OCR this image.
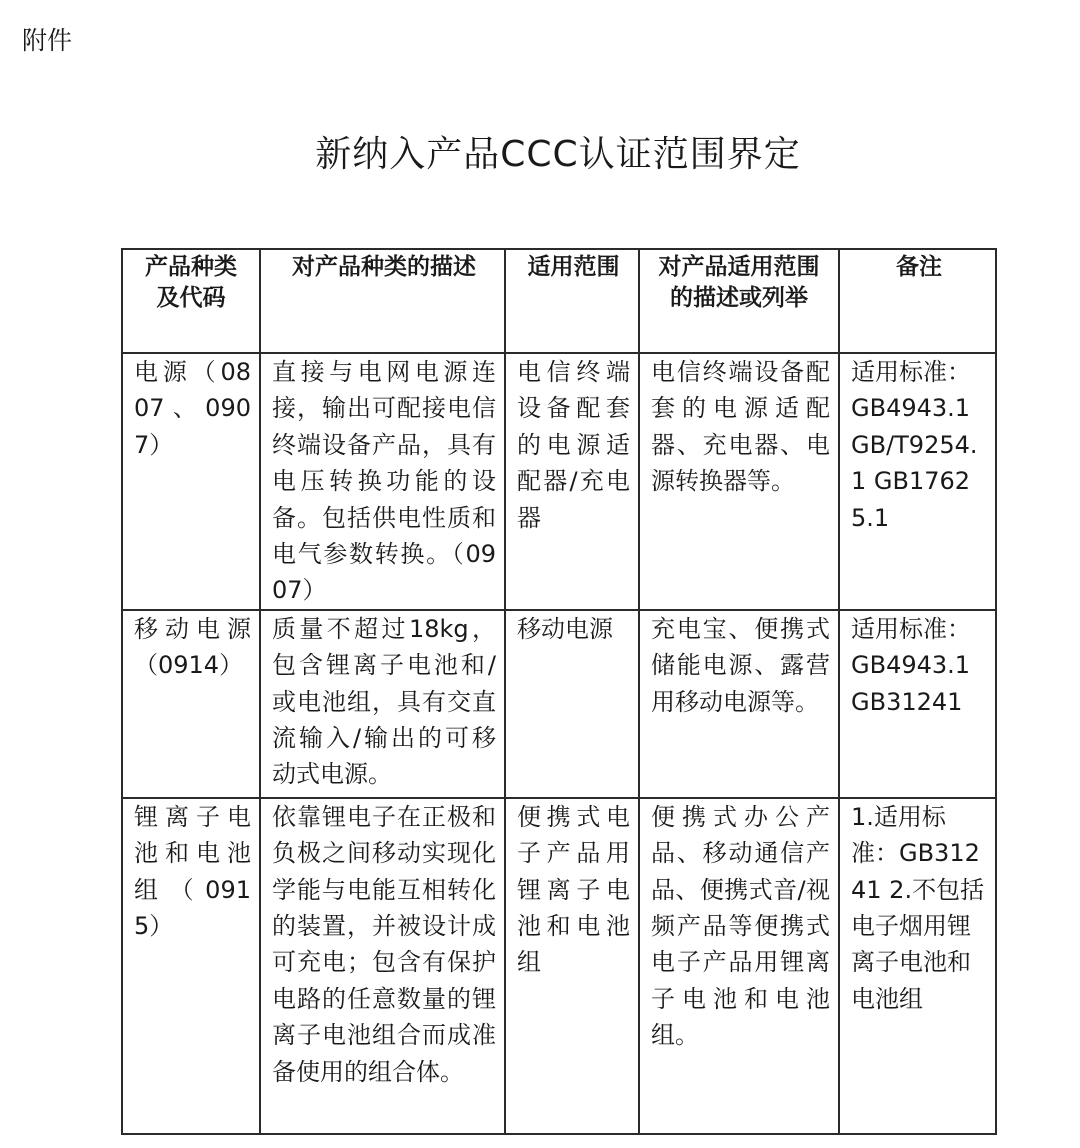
附件
新纳入产品CCC认证范围界定
产品种类及代码	对产品种类的描述	适用范围	对产品适用范围的描述或列举	备注
电源（0807、0907）	直接与电网电源连接，输出可配接电信终端设备产品，具有电压转换功能的设备。包括供电性质和电气参数转换。（0907）	电信终端设备配套的电源适配器/充电器	电信终端设备配套的电源适配器、充电器、电源转换器等。	适用标准：GB4943.1 GB/T9254.1 GB17625.1
移动电源（0914）	质量不超过18kg，包含锂离子电池和/或电池组，具有交直流输入/输出的可移动式电源。	移动电源	充电宝、便携式储能电源、露营用移动电源等。	适用标准：GB4943.1 GB31241
锂离子电池和电池组（0915）	依靠锂电子在正极和负极之间移动实现化学能与电能互相转化的装置，并被设计成可充电；包含有保护电路的任意数量的锂离子电池组合而成准备使用的组合体。	便携式电子产品用锂离子电池和电池组	便携式办公产品、移动通信产品、便携式音/视频产品等便携式电子产品用锂离子电池和电池组。	1.适用标准：GB31241 2.不包括电子烟用锂离子电池和电池组
